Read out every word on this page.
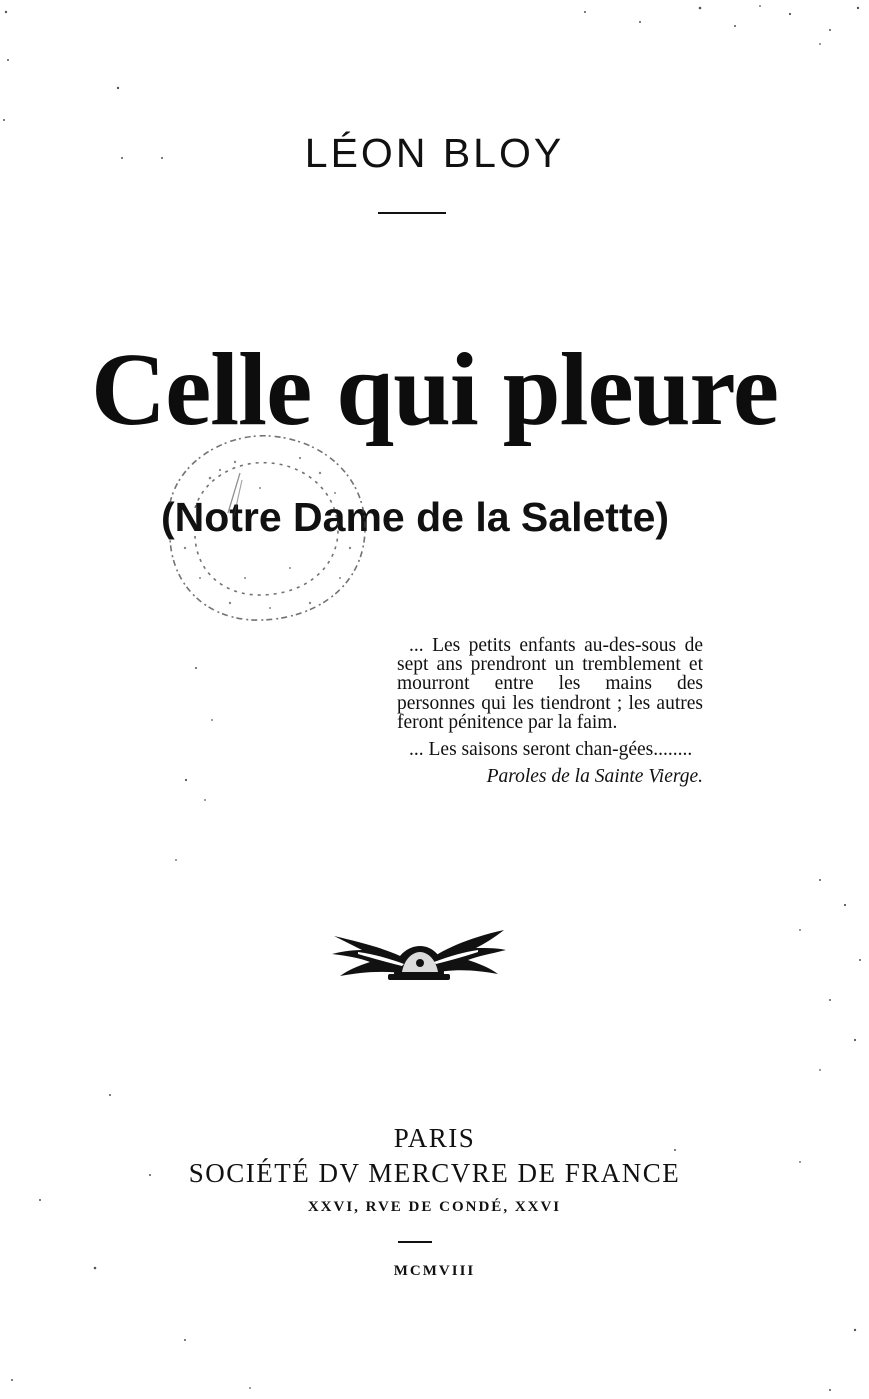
LÉON BLOY
Celle qui pleure
(Notre Dame de la Salette)

... Les petits enfants au-des-sous de sept ans prendront un tremblement et mourront entre les mains des personnes qui les tiendront ; les autres feront pénitence par la faim.

... Les saisons seront chan-gées........

Paroles de la Sainte Vierge.

PARIS
SOCIÉTÉ DV MERCVRE DE FRANCE
XXVI, RVE DE CONDÉ, XXVI
MCMVIII
